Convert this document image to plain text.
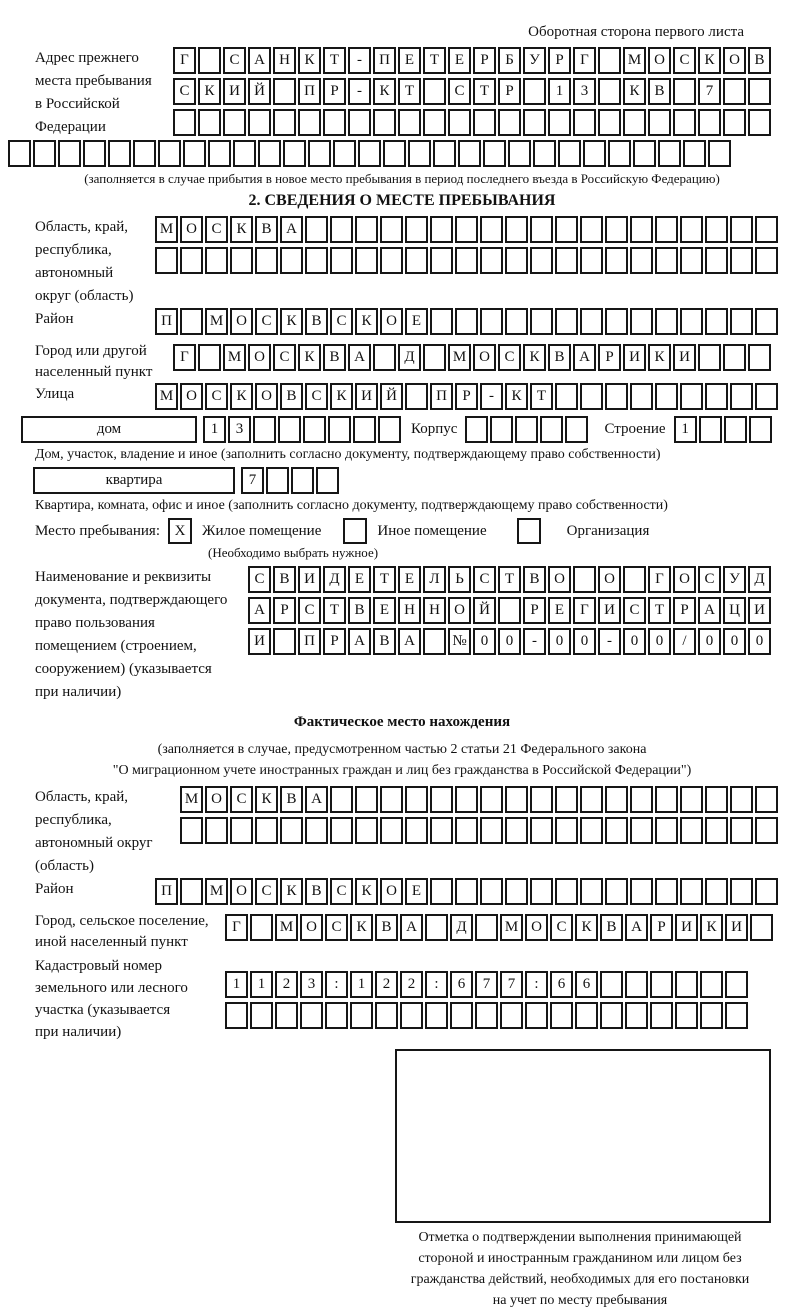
Оборотная сторона первого листа
Адрес прежнего
места пребывания
в Российской
Федерации
Г	С А Н К	Т	-	П Е	Т	Е	Р	Б	У	Р	Г	М О С К О В
С К И Й	П	Р	-	К	Т	С	Т	Р	1	3	К В	7
(заполняется в случае прибытия в новое место пребывания в период последнего въезда в Российскую Федерацию)
2. СВЕДЕНИЯ О МЕСТЕ ПРЕБЫВАНИЯ
Область, край,
республика,
автономный
округ (область)
М О С К В А
Район	П	М О С К В С К О Е
Город или другой
населенный пункт
Г	М О С К В А	Д	М О С К В А	Р	И К И
Улица	М О С К О В С К И Й	П	Р	-	К	Т
дом	1	3	Корпус	Строение	1
Дом, участок, владение и иное (заполнить согласно документу, подтверждающему право собственности)
квартира	7
Квартира, комната, офис и иное (заполнить согласно документу, подтверждающему право собственности)
Место пребывания: X	Жилое помещение	Иное помещение	Организация
(Необходимо выбрать нужное)
Наименование и реквизиты
документа, подтверждающего
право пользования
помещением (строением,
сооружением) (указывается
при наличии)
С В И Д	Е	Т	Е	Л	Ь	С	Т	В О	О	Г	О С У Д
А	Р	С	Т	В	Е	Н Н О Й	Р	Е	Г	И С	Т	Р	А Ц И
И	П	Р	А В А	№ 0	0	-	0	0	-	0	0	/	0	0	0
Фактическое место нахождения
(заполняется в случае, предусмотренном частью 2 статьи 21 Федерального закона
"О миграционном учете иностранных граждан и лиц без гражданства в Российской Федерации")
Область, край,
республика,
автономный округ
(область)
М О С К В А
Район	П	М О С К В С К О Е
Город, сельское поселение,
иной населенный пункт
Г	М О С К В А	Д	М О С К В А	Р	И К И
Кадастровый номер
земельного или лесного
участка (указывается
при наличии)
1	1	2	3	:	1	2	2	:	6	7	7	:	6	6
Отметка о подтверждении выполнения принимающей
стороной и иностранным гражданином или лицом без
гражданства действий, необходимых для его постановки
на учет по месту пребывания
